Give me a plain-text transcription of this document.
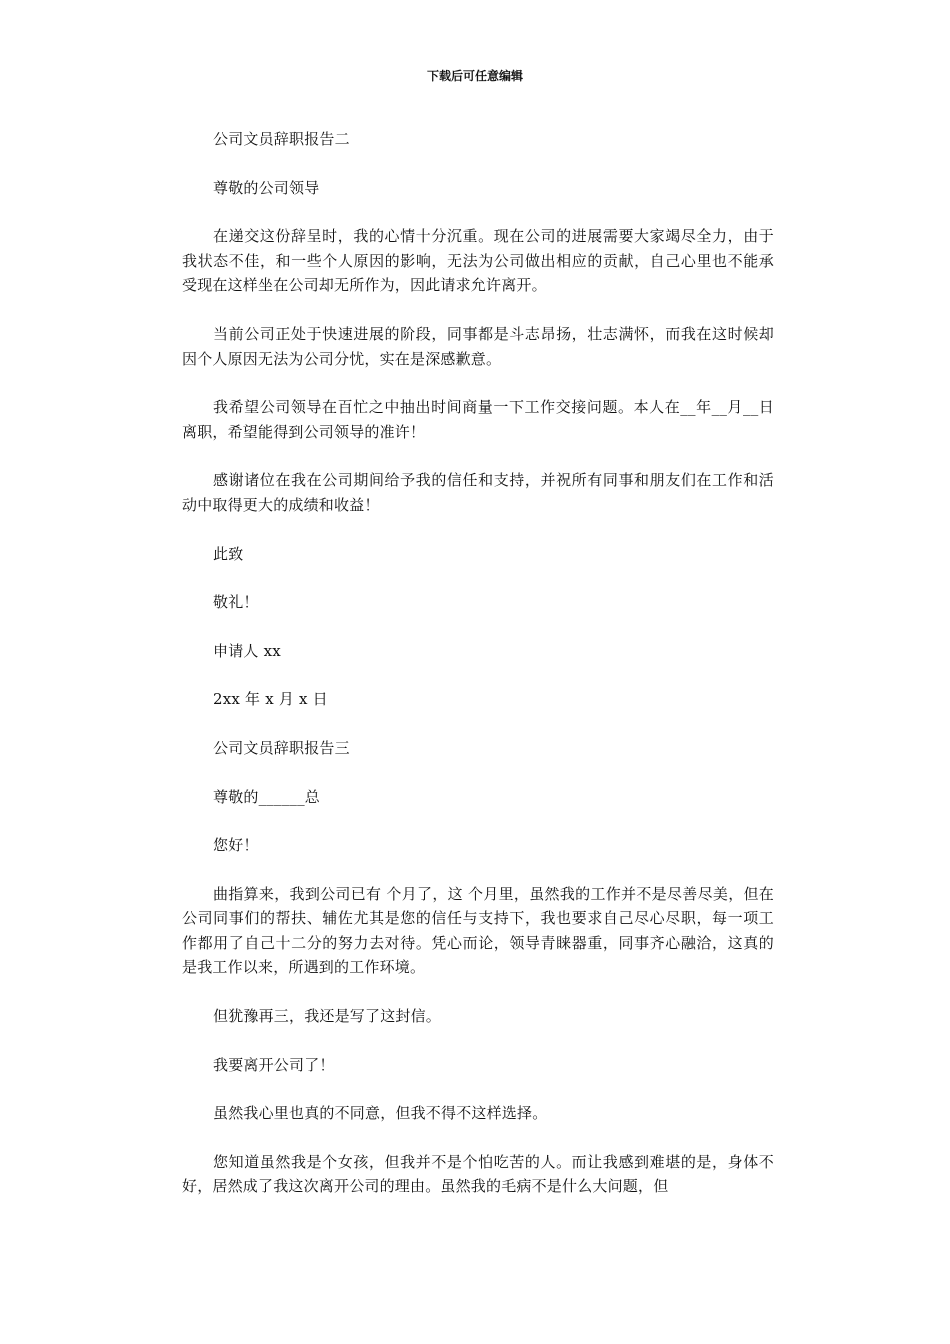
下载后可任意编辑

公司文员辞职报告二

尊敬的公司领导

在递交这份辞呈时，我的心情十分沉重。现在公司的进展需要大家竭尽全力，由于我状态不佳，和一些个人原因的影响，无法为公司做出相应的贡献，自己心里也不能承受现在这样坐在公司却无所作为，因此请求允许离开。

当前公司正处于快速进展的阶段，同事都是斗志昂扬，壮志满怀，而我在这时候却因个人原因无法为公司分忧，实在是深感歉意。

我希望公司领导在百忙之中抽出时间商量一下工作交接问题。本人在__年__月__日离职，希望能得到公司领导的准许！

感谢诸位在我在公司期间给予我的信任和支持，并祝所有同事和朋友们在工作和活动中取得更大的成绩和收益！

此致

敬礼！

申请人 xx

2xx 年 x 月 x 日

公司文员辞职报告三

尊敬的______总

您好！

曲指算来，我到公司已有 个月了，这 个月里，虽然我的工作并不是尽善尽美，但在公司同事们的帮扶、辅佐尤其是您的信任与支持下，我也要求自己尽心尽职，每一项工作都用了自己十二分的努力去对待。凭心而论，领导青睐器重，同事齐心融洽，这真的是我工作以来，所遇到的工作环境。

但犹豫再三，我还是写了这封信。

我要离开公司了！

虽然我心里也真的不同意，但我不得不这样选择。

您知道虽然我是个女孩，但我并不是个怕吃苦的人。而让我感到难堪的是，身体不好，居然成了我这次离开公司的理由。虽然我的毛病不是什么大问题，但
